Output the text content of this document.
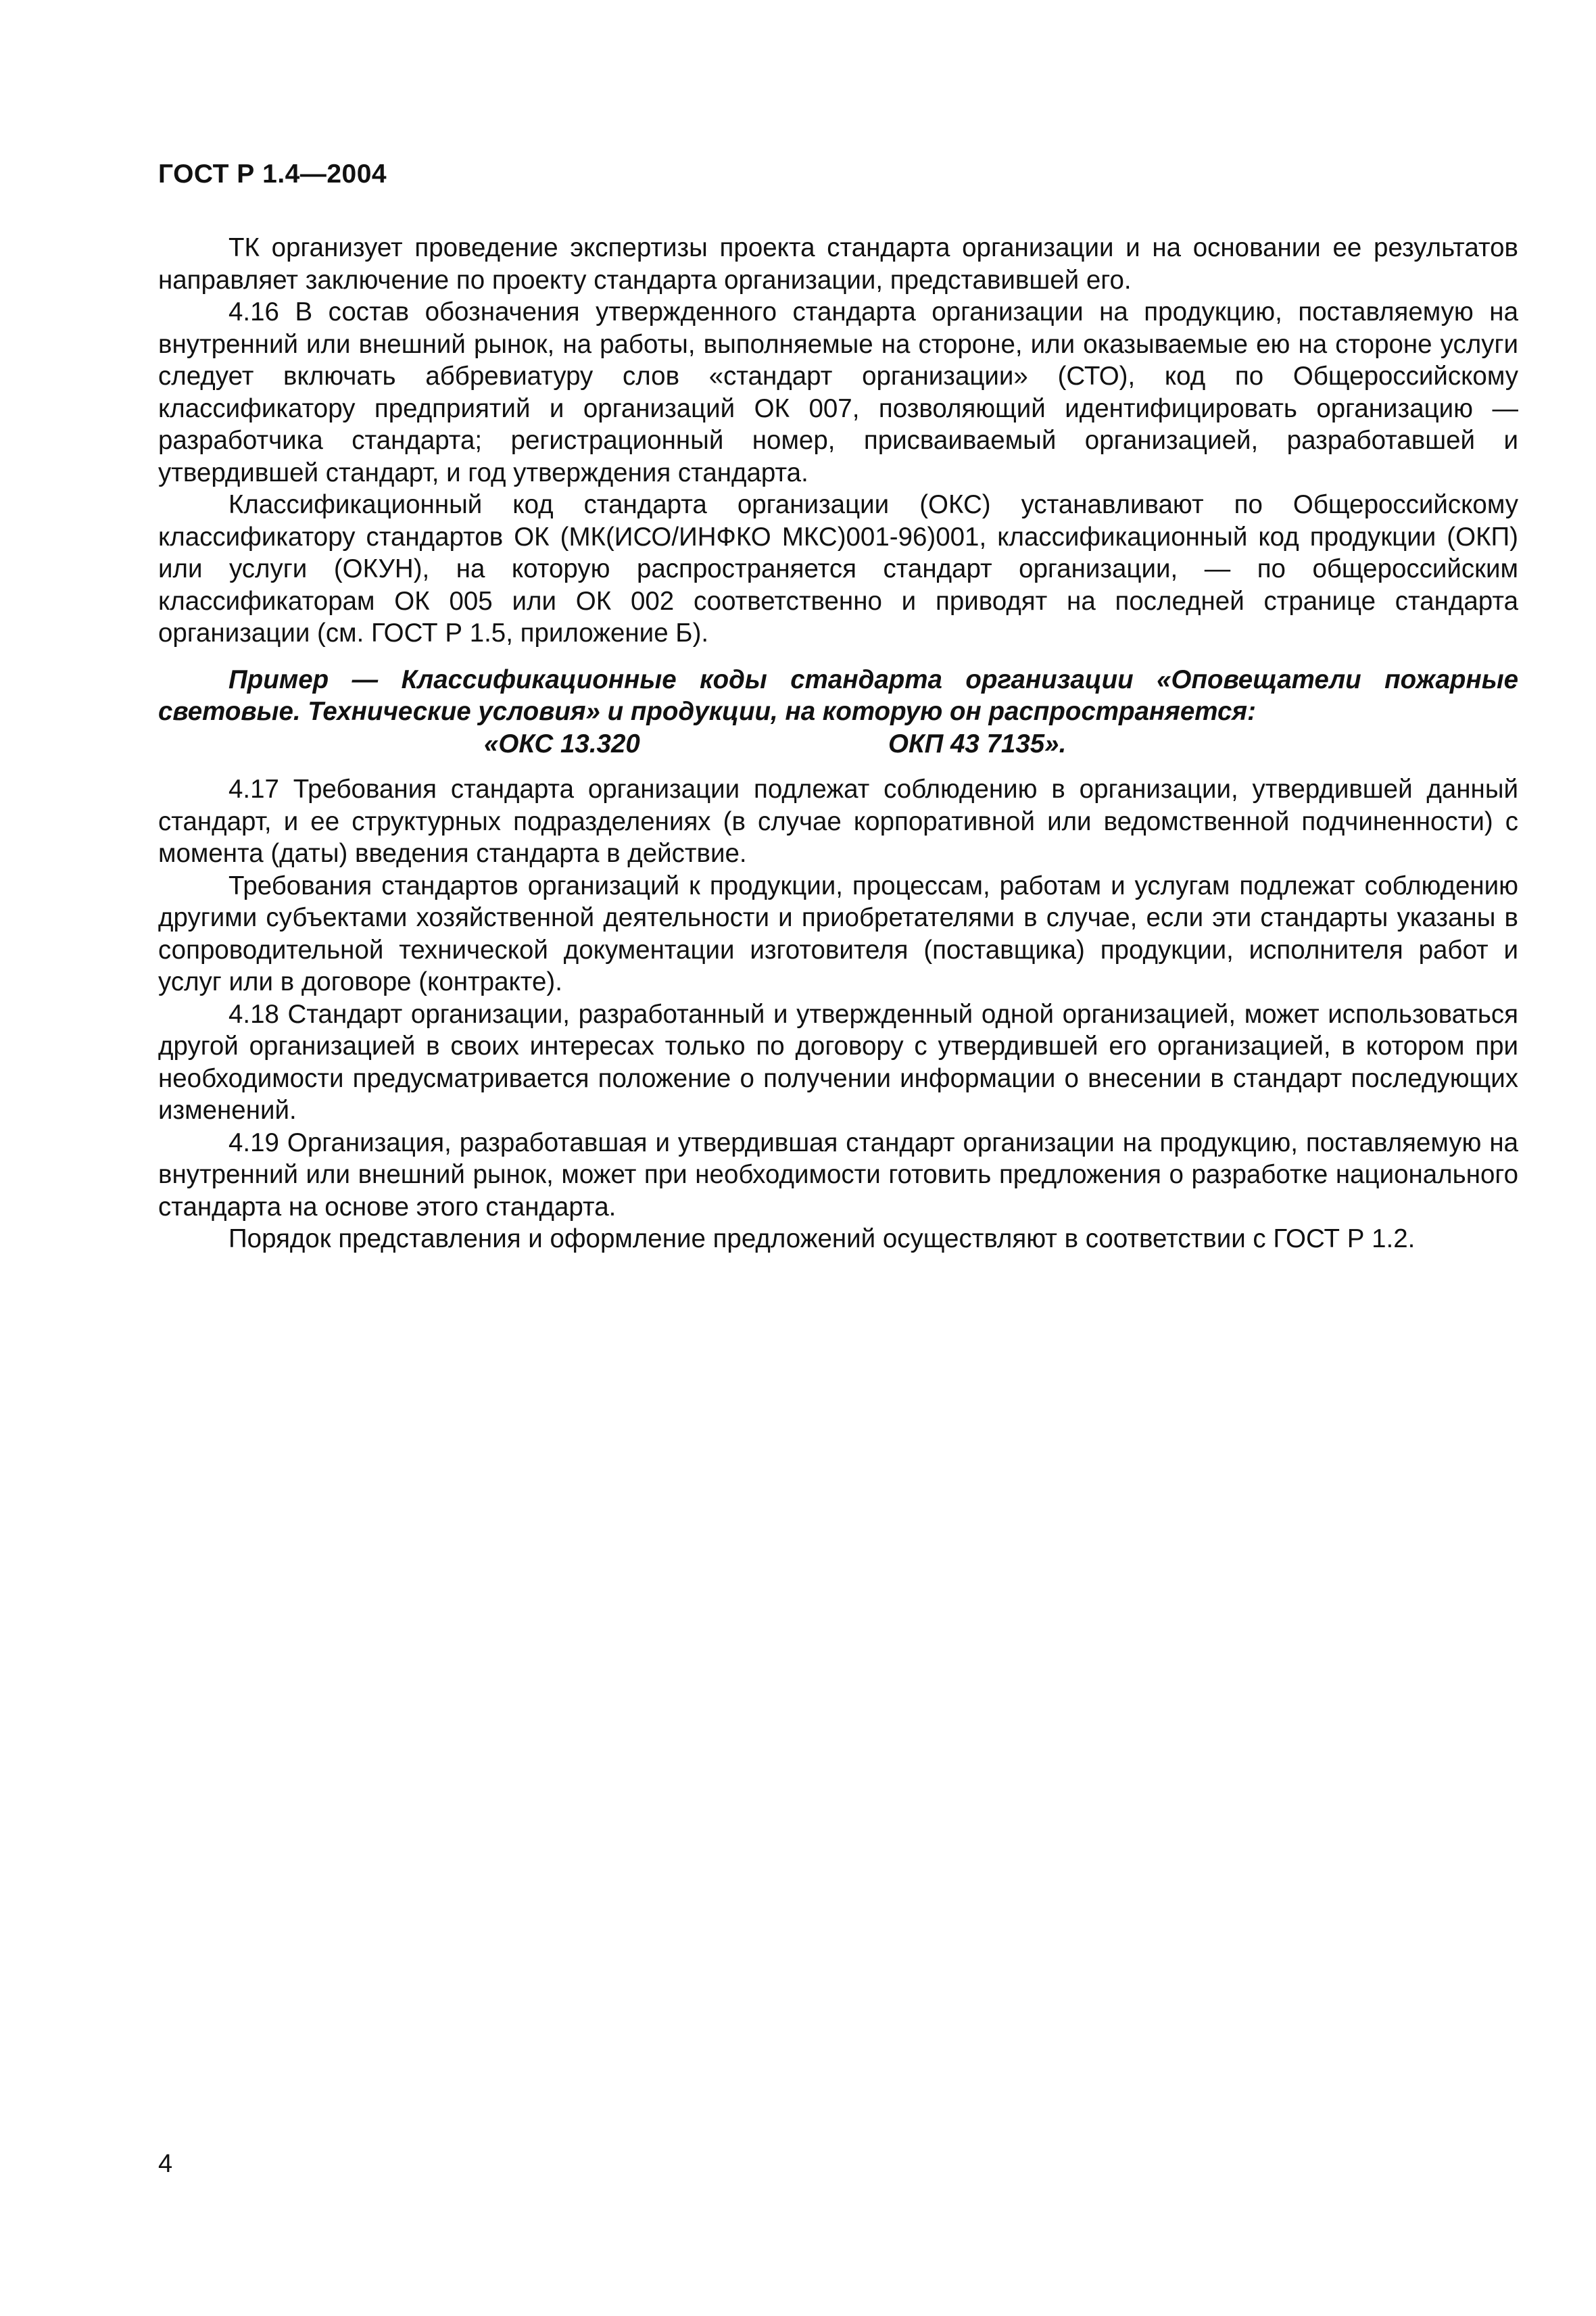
ГОСТ Р 1.4—2004

ТК организует проведение экспертизы проекта стандарта организации и на основании ее результатов направляет заключение по проекту стандарта организации, представившей его.

4.16 В состав обозначения утвержденного стандарта организации на продукцию, поставляемую на внутренний или внешний рынок, на работы, выполняемые на стороне, или оказываемые ею на стороне услуги следует включать аббревиатуру слов «стандарт организации» (СТО), код по Общероссийскому классификатору предприятий и организаций ОК 007, позволяющий идентифицировать организацию — разработчика стандарта; регистрационный номер, присваиваемый организацией, разработавшей и утвердившей стандарт, и год утверждения стандарта.

Классификационный код стандарта организации (ОКС) устанавливают по Общероссийскому классификатору стандартов ОК (МК(ИСО/ИНФКО МКС)001-96)001, классификационный код продукции (ОКП) или услуги (ОКУН), на которую распространяется стандарт организации, — по общероссийским классификаторам ОК 005 или ОК 002 соответственно и приводят на последней странице стандарта организации (см. ГОСТ Р 1.5, приложение Б).

Пример — Классификационные коды стандарта организации «Оповещатели пожарные световые. Технические условия» и продукции, на которую он распространяется:

«ОКС 13.320	ОКП 43 7135».

4.17 Требования стандарта организации подлежат соблюдению в организации, утвердившей данный стандарт, и ее структурных подразделениях (в случае корпоративной или ведомственной подчиненности) с момента (даты) введения стандарта в действие.

Требования стандартов организаций к продукции, процессам, работам и услугам подлежат соблюдению другими субъектами хозяйственной деятельности и приобретателями в случае, если эти стандарты указаны в сопроводительной технической документации изготовителя (поставщика) продукции, исполнителя работ и услуг или в договоре (контракте).

4.18 Стандарт организации, разработанный и утвержденный одной организацией, может использоваться другой организацией в своих интересах только по договору с утвердившей его организацией, в котором при необходимости предусматривается положение о получении информации о внесении в стандарт последующих изменений.

4.19 Организация, разработавшая и утвердившая стандарт организации на продукцию, поставляемую на внутренний или внешний рынок, может при необходимости готовить предложения о разработке национального стандарта на основе этого стандарта.

Порядок представления и оформление предложений осуществляют в соответствии с ГОСТ Р 1.2.

4
